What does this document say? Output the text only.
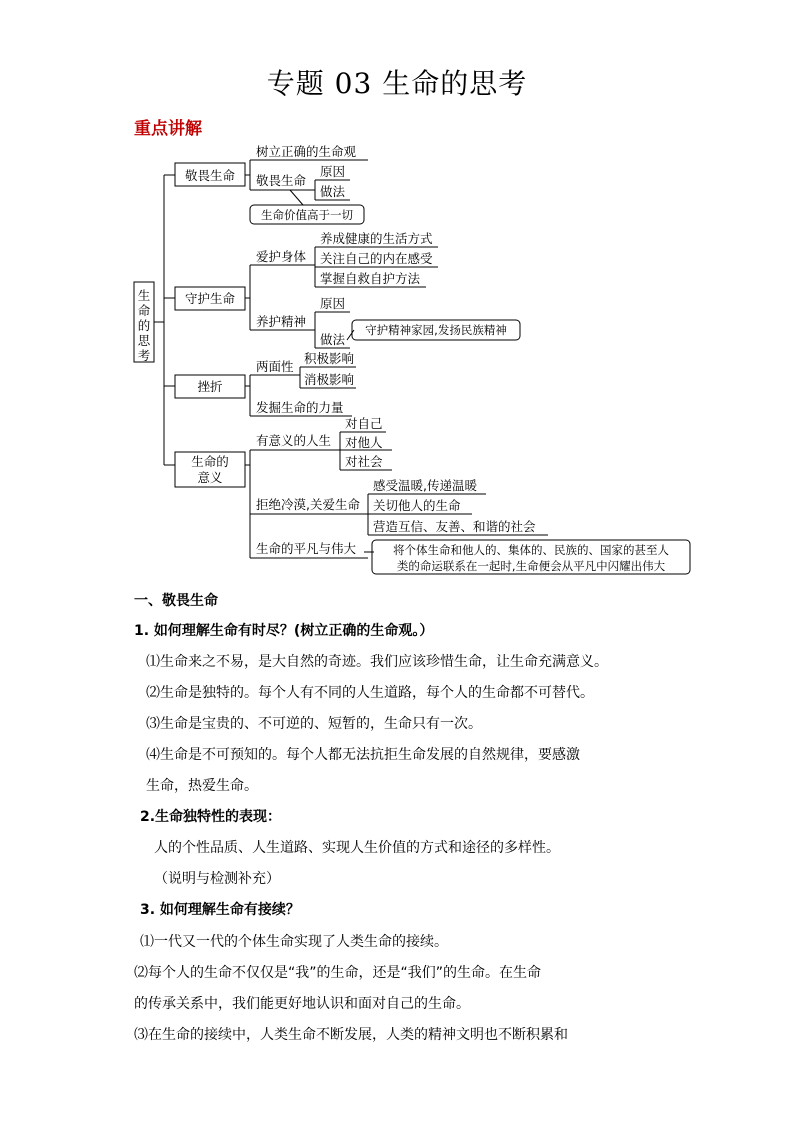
专题 03 生命的思考
重点讲解
生
命
的
思
考
敬畏生命
树立正确的生命观
敬畏生命
原因
做法
生命价值高于一切
守护生命
爱护身体
养成健康的生活方式
关注自己的内在感受
掌握自救自护方法
养护精神
原因
做法
守护精神家园,发扬民族精神
挫折
两面性
积极影响
消极影响
发掘生命的力量
生命的
意义
有意义的人生
对自己
对他人
对社会
拒绝冷漠,关爱生命
感受温暖,传递温暖
关切他人的生命
营造互信、友善、和谐的社会
生命的平凡与伟大	将个体生命和他人的、集体的、民族的、国家的甚至人
类的命运联系在一起时,生命便会从平凡中闪耀出伟大
一、敬畏生命
1. 如何理解生命有时尽？(树立正确的生命观。）
⑴生命来之不易，是大自然的奇迹。我们应该珍惜生命，让生命充满意义。
⑵生命是独特的。每个人有不同的人生道路，每个人的生命都不可替代。
⑶生命是宝贵的、不可逆的、短暂的，生命只有一次。
⑷生命是不可预知的。每个人都无法抗拒生命发展的自然规律，要感激
生命，热爱生命。
2.生命独特性的表现：
人的个性品质、人生道路、实现人生价值的方式和途径的多样性。
（说明与检测补充）
3. 如何理解生命有接续？
⑴一代又一代的个体生命实现了人类生命的接续。
⑵每个人的生命不仅仅是“我”的生命，还是“我们”的生命。在生命
的传承关系中，我们能更好地认识和面对自己的生命。
⑶在生命的接续中，人类生命不断发展，人类的精神文明也不断积累和
